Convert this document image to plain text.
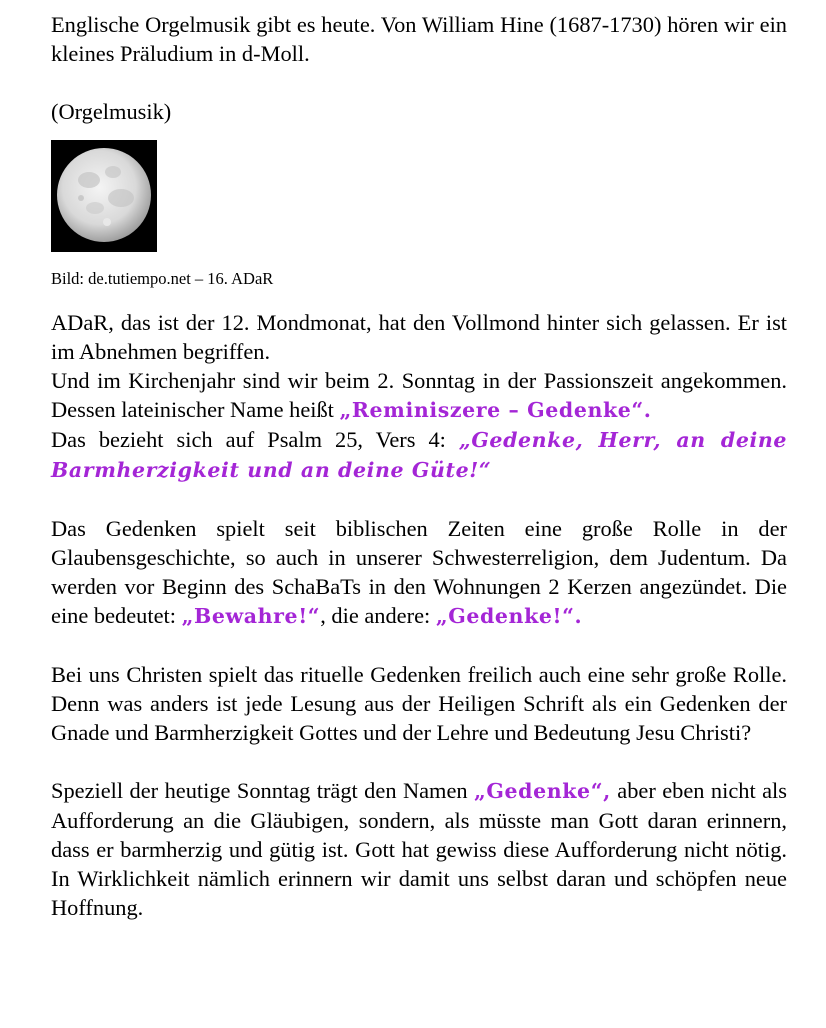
Englische Orgelmusik gibt es heute. Von William Hine (1687-1730) hören wir ein kleines Präludium in d-Moll.

(Orgelmusik)

Bild: de.tutiempo.net – 16. ADaR

ADaR, das ist der 12. Mondmonat, hat den Vollmond hinter sich gelassen. Er ist im Abnehmen begriffen.
Und im Kirchenjahr sind wir beim 2. Sonntag in der Passionszeit angekommen. Dessen lateinischer Name heißt „Reminiszere – Gedenke“.
Das bezieht sich auf Psalm 25, Vers 4: „Gedenke, Herr, an deine Barmherzigkeit und an deine Güte!“

Das Gedenken spielt seit biblischen Zeiten eine große Rolle in der Glaubensgeschichte, so auch in unserer Schwesterreligion, dem Judentum. Da werden vor Beginn des SchaBaTs in den Wohnungen 2 Kerzen angezündet. Die eine bedeutet: „Bewahre!“, die andere: „Gedenke!“.

Bei uns Christen spielt das rituelle Gedenken freilich auch eine sehr große Rolle. Denn was anders ist jede Lesung aus der Heiligen Schrift als ein Gedenken der Gnade und Barmherzigkeit Gottes und der Lehre und Bedeutung Jesu Christi?

Speziell der heutige Sonntag trägt den Namen „Gedenke“, aber eben nicht als Aufforderung an die Gläubigen, sondern, als müsste man Gott daran erinnern, dass er barmherzig und gütig ist. Gott hat gewiss diese Aufforderung nicht nötig. In Wirklichkeit nämlich erinnern wir damit uns selbst daran und schöpfen neue Hoffnung.
